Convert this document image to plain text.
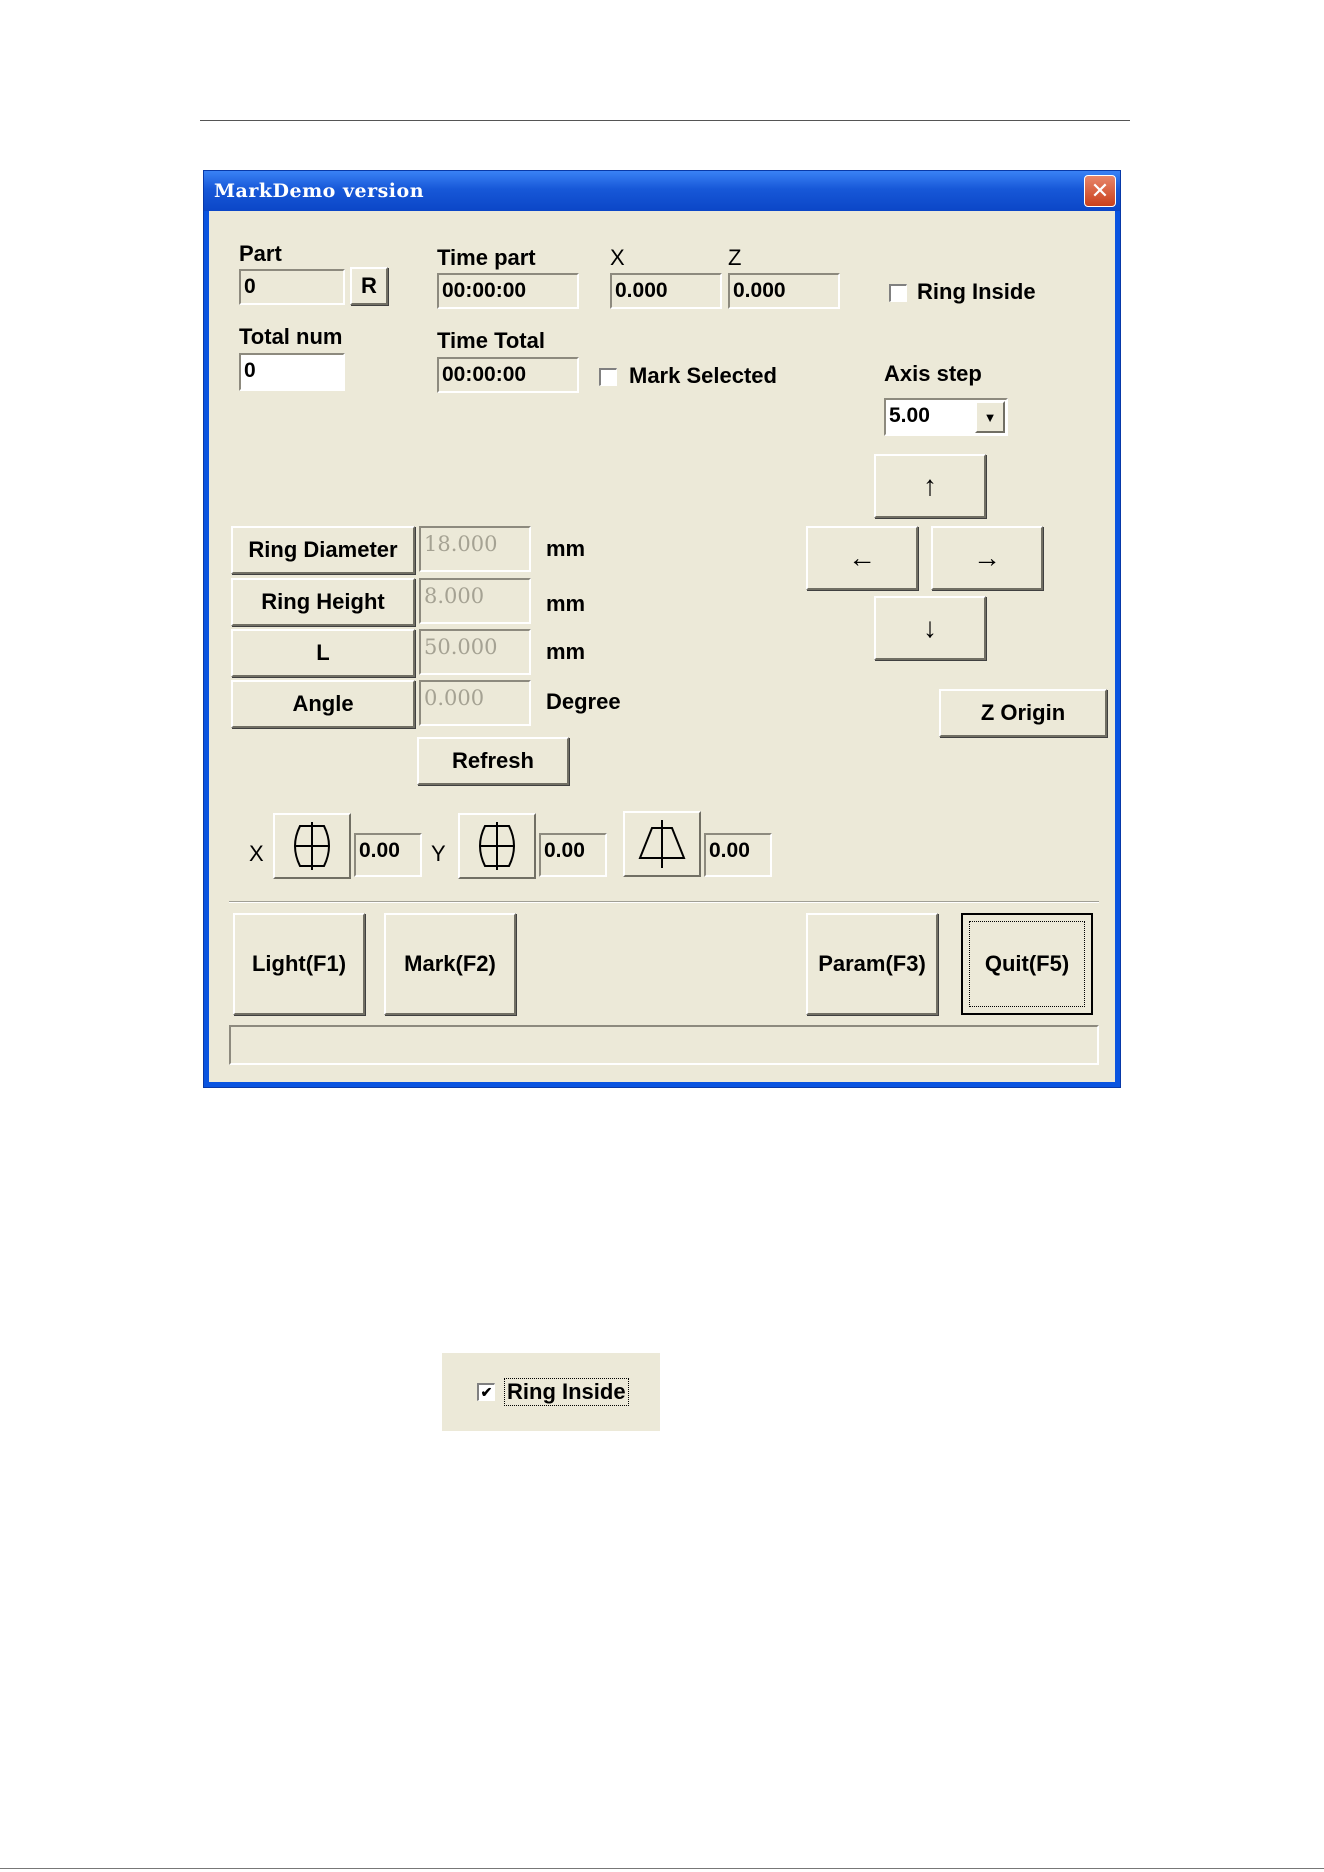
MarkDemo version	✕
Part
0	R
Total num
0
Time part
00:00:00
Time Total
00:00:00
X
0.000
Z
0.000	Ring Inside
Mark Selected	Axis step
5.00	▼
↑
←	→
↓
Z Origin
Ring Diameter	18.000	mm
Ring Height	8.000	mm
L	50.000	mm
Angle	0.000	Degree
Refresh
X	0.00	Y	0.00	0.00
Light(F1)	Mark(F2)	Param(F3)	Quit(F5)
✔ Ring Inside
